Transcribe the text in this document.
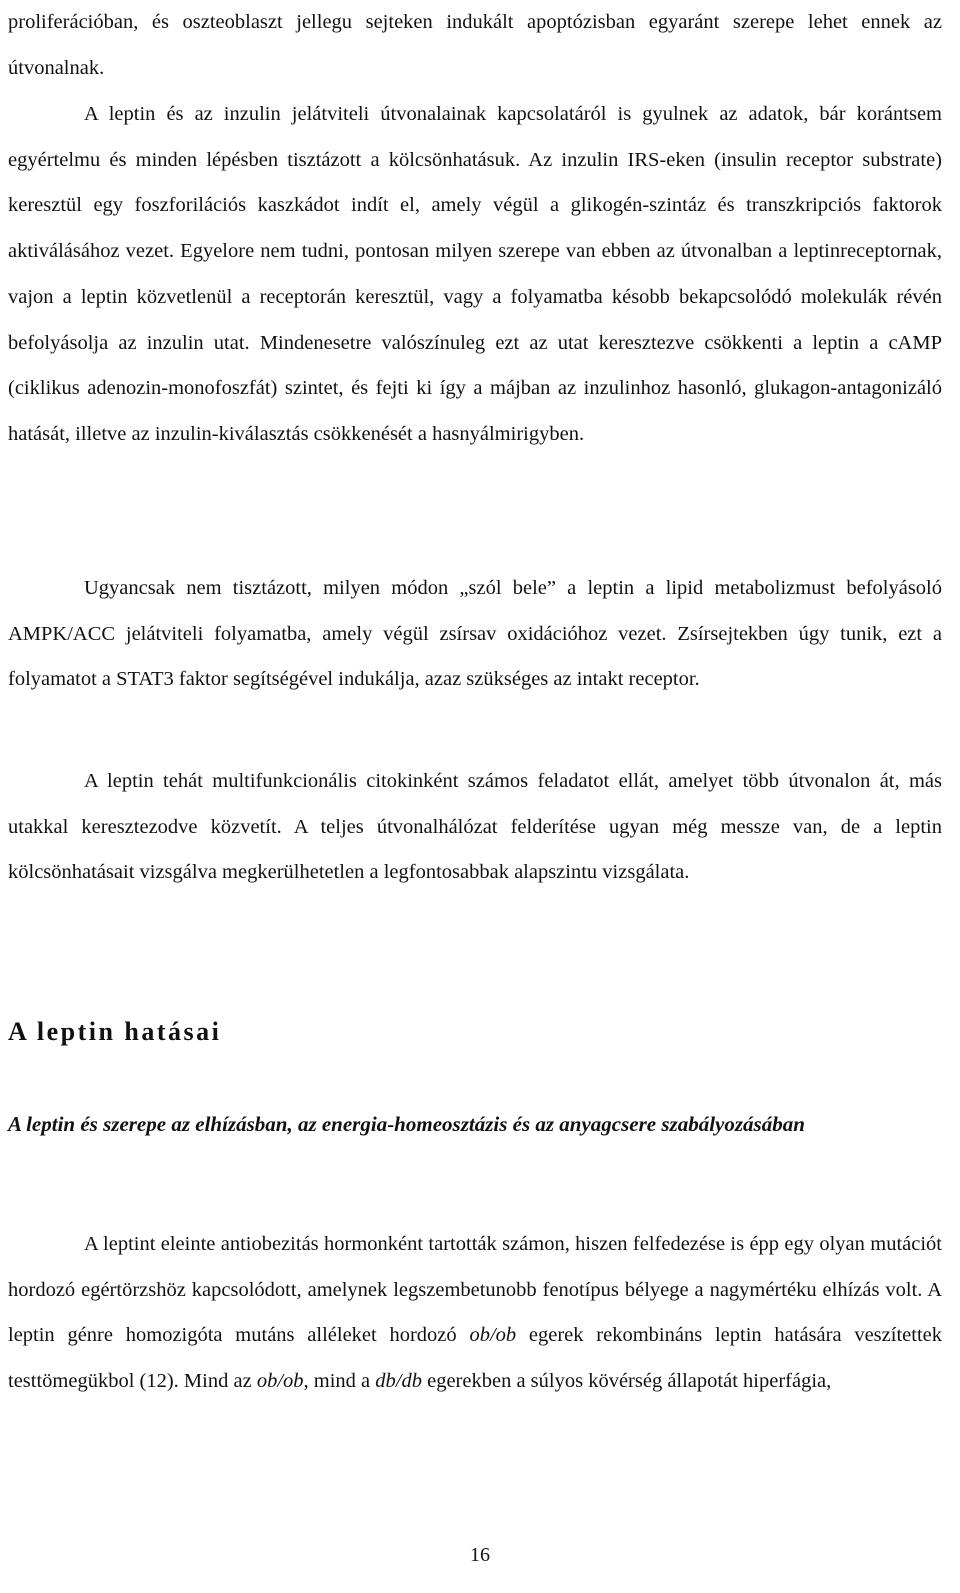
proliferációban, és oszteoblaszt jellegu sejteken indukált apoptózisban egyaránt szerepe lehet ennek az útvonalnak.

A leptin és az inzulin jelátviteli útvonalainak kapcsolatáról is gyulnek az adatok, bár korántsem egyértelmu és minden lépésben tisztázott a kölcsönhatásuk. Az inzulin IRS-eken (insulin receptor substrate) keresztül egy foszforilációs kaszkádot indít el, amely végül a glikogén-szintáz és transzkripciós faktorok aktiválásához vezet. Egyelore nem tudni, pontosan milyen szerepe van ebben az útvonalban a leptinreceptornak, vajon a leptin közvetlenül a receptorán keresztül, vagy a folyamatba késobb bekapcsolódó molekulák révén befolyásolja az inzulin utat. Mindenesetre valószínuleg ezt az utat keresztezve csökkenti a leptin a cAMP (ciklikus adenozin-monofoszfát) szintet, és fejti ki így a májban az inzulinhoz hasonló, glukagon-antagonizáló hatását, illetve az inzulin-kiválasztás csökkenését a hasnyálmirigyben.

Ugyancsak nem tisztázott, milyen módon „szól bele” a leptin a lipid metabolizmust befolyásoló AMPK/ACC jelátviteli folyamatba, amely végül zsírsav oxidációhoz vezet. Zsírsejtekben úgy tunik, ezt a folyamatot a STAT3 faktor segítségével indukálja, azaz szükséges az intakt receptor.

A leptin tehát multifunkcionális citokinként számos feladatot ellát, amelyet több útvonalon át, más utakkal keresztezodve közvetít. A teljes útvonalhálózat felderítése ugyan még messze van, de a leptin kölcsönhatásait vizsgálva megkerülhetetlen a legfontosabbak alapszintu vizsgálata.

A leptin hatásai
A leptin és szerepe az elhízásban, az energia-homeosztázis és az anyagcsere szabályozásában

A leptint eleinte antiobezitás hormonként tartották számon, hiszen felfedezése is épp egy olyan mutációt hordozó egértörzshöz kapcsolódott, amelynek legszembetunobb fenotípus bélyege a nagymértéku elhízás volt. A leptin génre homozigóta mutáns alléleket hordozó ob/ob egerek rekombináns leptin hatására veszítettek testtömegükbol (12). Mind az ob/ob, mind a db/db egerekben a súlyos kövérség állapotát hiperfágia,

16
